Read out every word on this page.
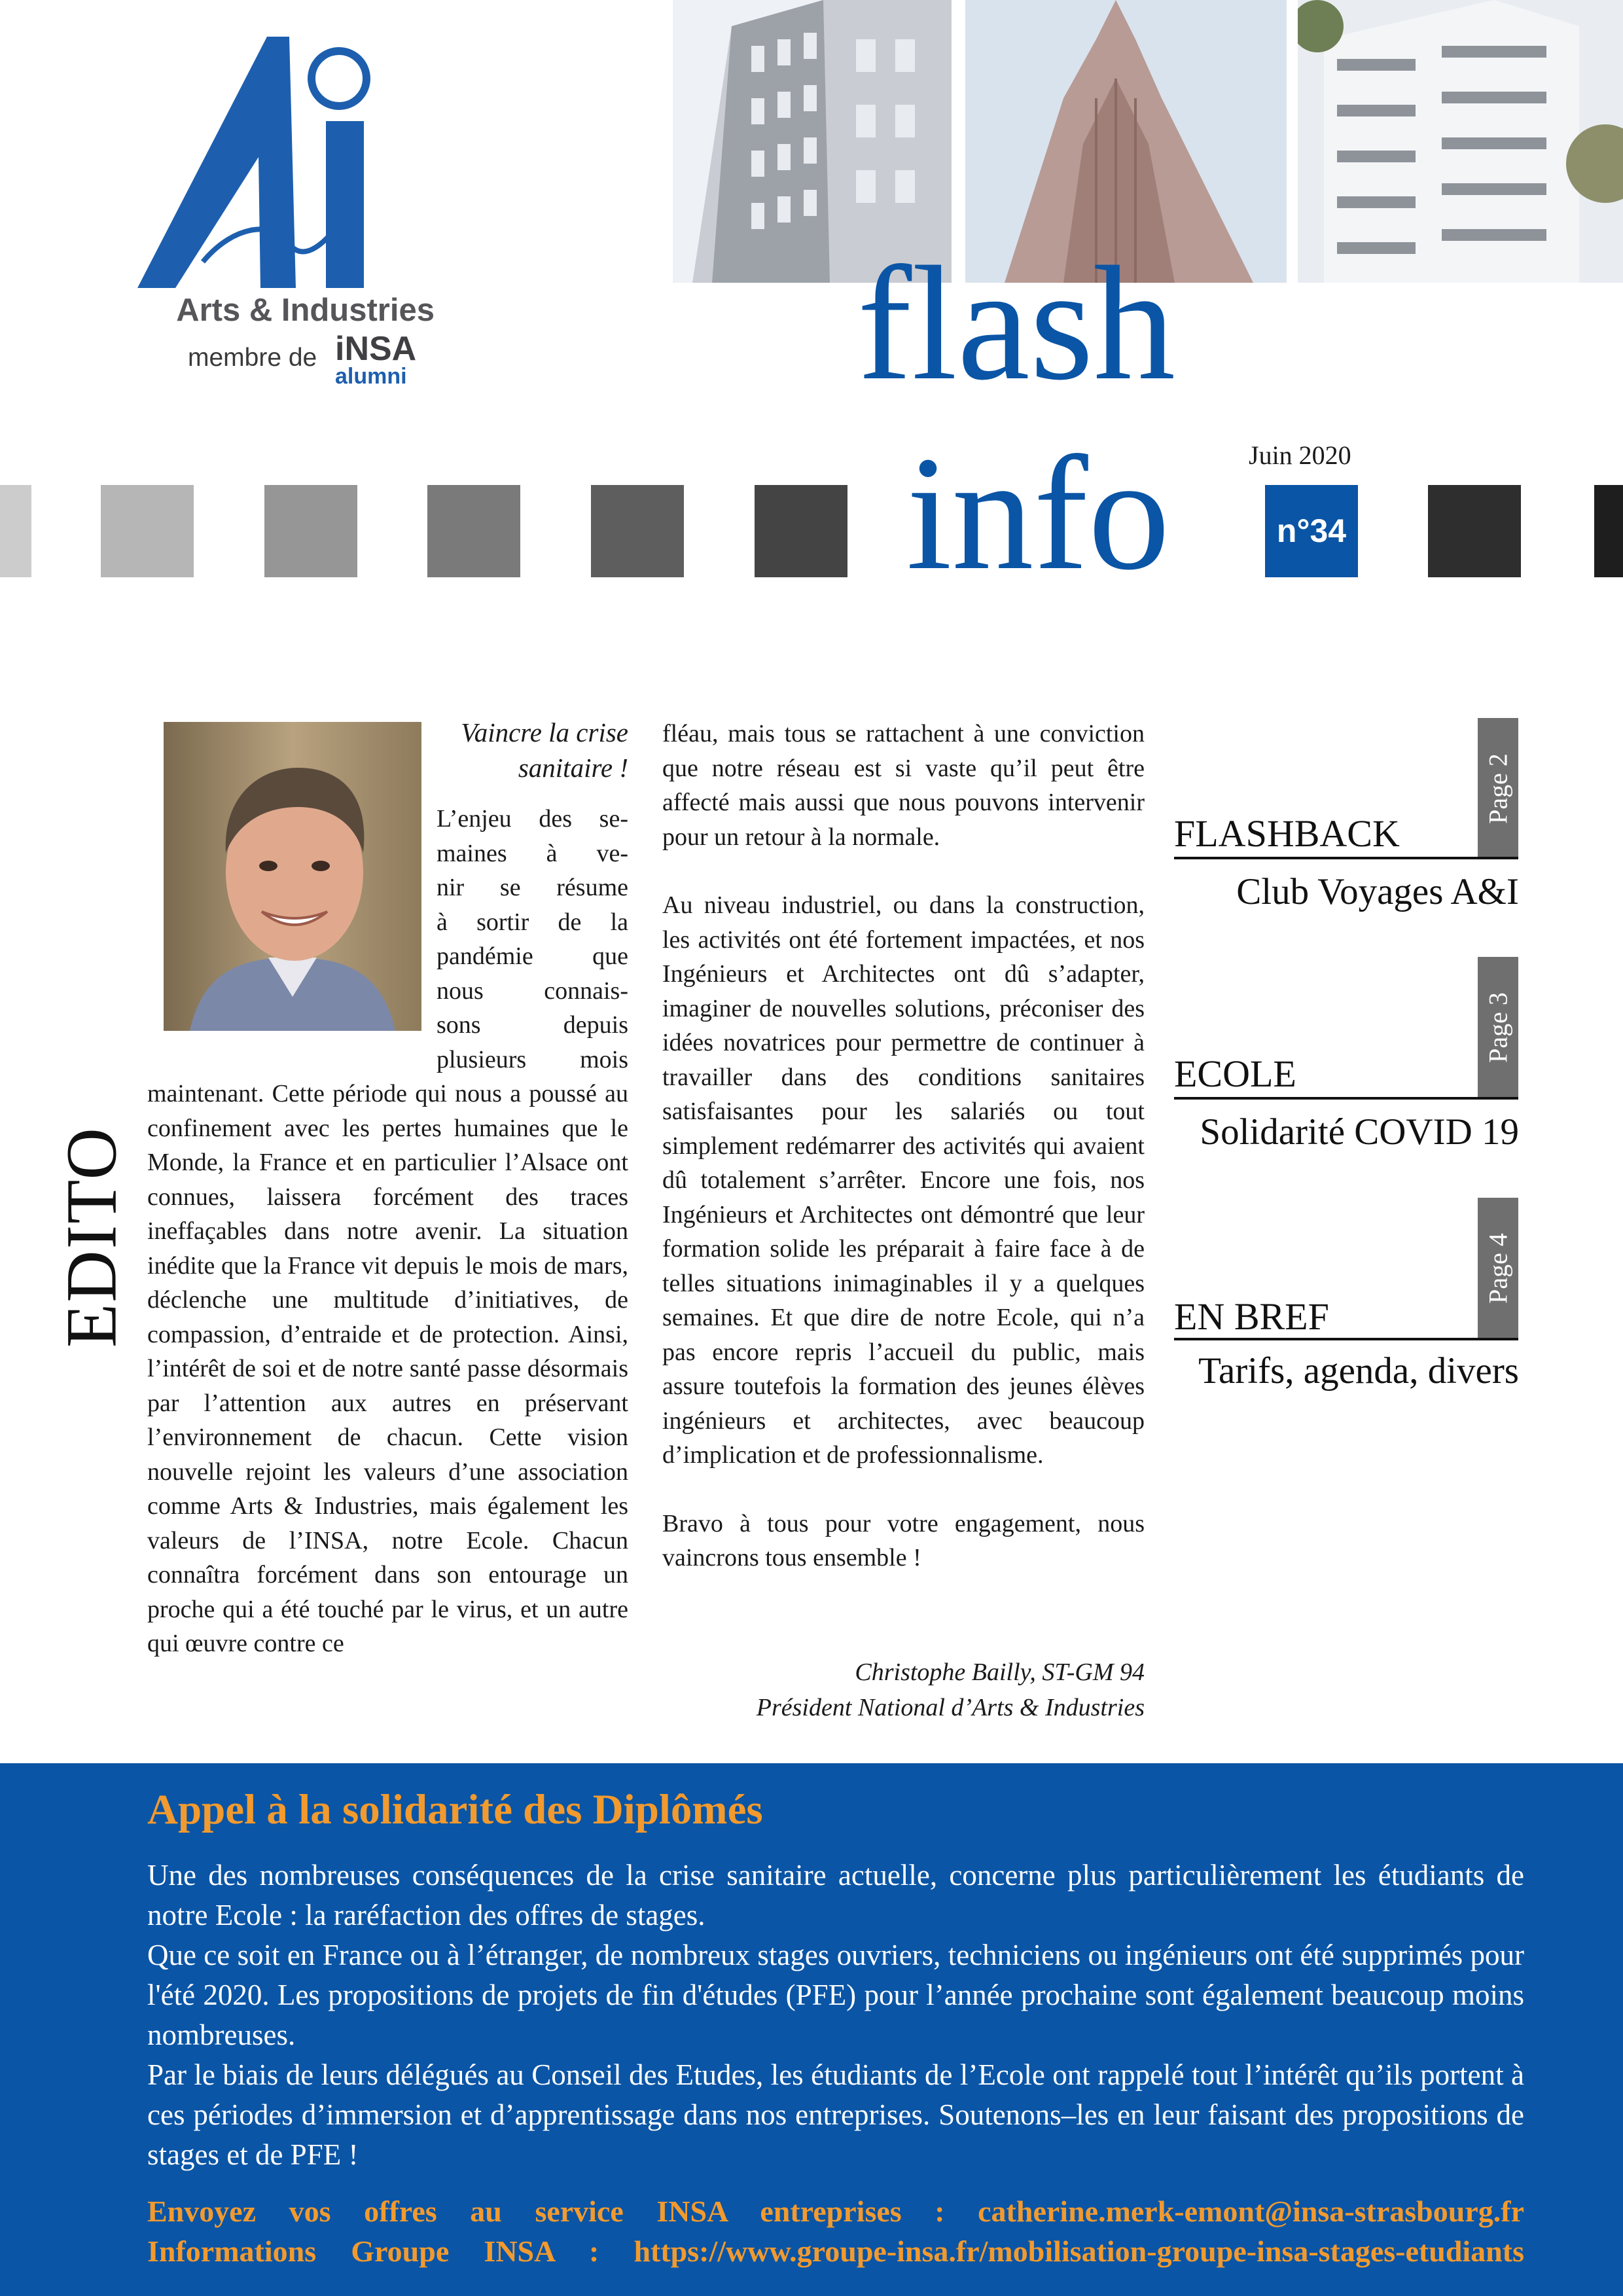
Arts & Industries
membre de iNSA
alumni	flash
info	Juin 2020
n°34
EDITO
Vaincre la crise
sanitaire !
L’enjeu des se-
maines à ve-
nir se résume
à sortir de la
pandémie que
nous connais-
sons depuis
plusieurs mois

maintenant. Cette période qui nous a poussé au confinement avec les pertes humaines que le Monde, la France et en particulier l’Alsace ont connues, laissera forcément des traces ineffaçables dans notre avenir. La situation inédite que la France vit depuis le mois de mars, déclenche une multitude d’initiatives, de compassion, d’entraide et de protection. Ainsi, l’intérêt de soi et de notre santé passe désormais par l’attention aux autres en préservant l’environnement de chacun. Cette vision nouvelle rejoint les valeurs d’une association comme Arts & Industries, mais également les valeurs de l’INSA, notre Ecole. Chacun connaîtra forcément dans son entourage un proche qui a été touché par le virus, et un autre qui œuvre contre ce

fléau, mais tous se rattachent à une conviction que notre réseau est si vaste qu’il peut être affecté mais aussi que nous pouvons intervenir pour un retour à la normale.

Au niveau industriel, ou dans la construction, les activités ont été fortement impactées, et nos Ingénieurs et Architectes ont dû s’adapter, imaginer de nouvelles solutions, préconiser des idées novatrices pour permettre de continuer à travailler dans des conditions sanitaires satisfaisantes pour les salariés ou tout simplement redémarrer des activités qui avaient dû totalement s’arrêter. Encore une fois, nos Ingénieurs et Architectes ont démontré que leur formation solide les préparait à faire face à de telles situations inimaginables il y a quelques semaines. Et que dire de notre Ecole, qui n’a pas encore repris l’accueil du public, mais assure toutefois la formation des jeunes élèves ingénieurs et architectes, avec beaucoup d’implication et de professionnalisme.

Bravo à tous pour votre engagement, nous vaincrons tous ensemble !

Christophe Bailly, ST-GM 94
Président National d’Arts & Industries
Page 2
FLASHBACK
Club Voyages A&I
Page 3
ECOLE
Solidarité COVID 19
Page 4
EN BREF
Tarifs, agenda, divers
Appel à la solidarité des Diplômés

Une des nombreuses conséquences de la crise sanitaire actuelle, concerne plus particulièrement les étudiants de notre Ecole : la raréfaction des offres de stages.

Que ce soit en France ou à l’étranger, de nombreux stages ouvriers, techniciens ou ingénieurs ont été supprimés pour l'été 2020. Les propositions de projets de fin d'études (PFE) pour l’année prochaine sont également beaucoup moins nombreuses.

Par le biais de leurs délégués au Conseil des Etudes, les étudiants de l’Ecole ont rappelé tout l’intérêt qu’ils portent à ces périodes d’immersion et d’apprentissage dans nos entreprises. Soutenons–les en leur faisant des propositions de stages et de PFE !

Envoyez vos offres au service INSA entreprises : catherine.merk-emont@insa-strasbourg.fr
Informations Groupe INSA : https://www.groupe-insa.fr/mobilisation-groupe-insa-stages-etudiants
